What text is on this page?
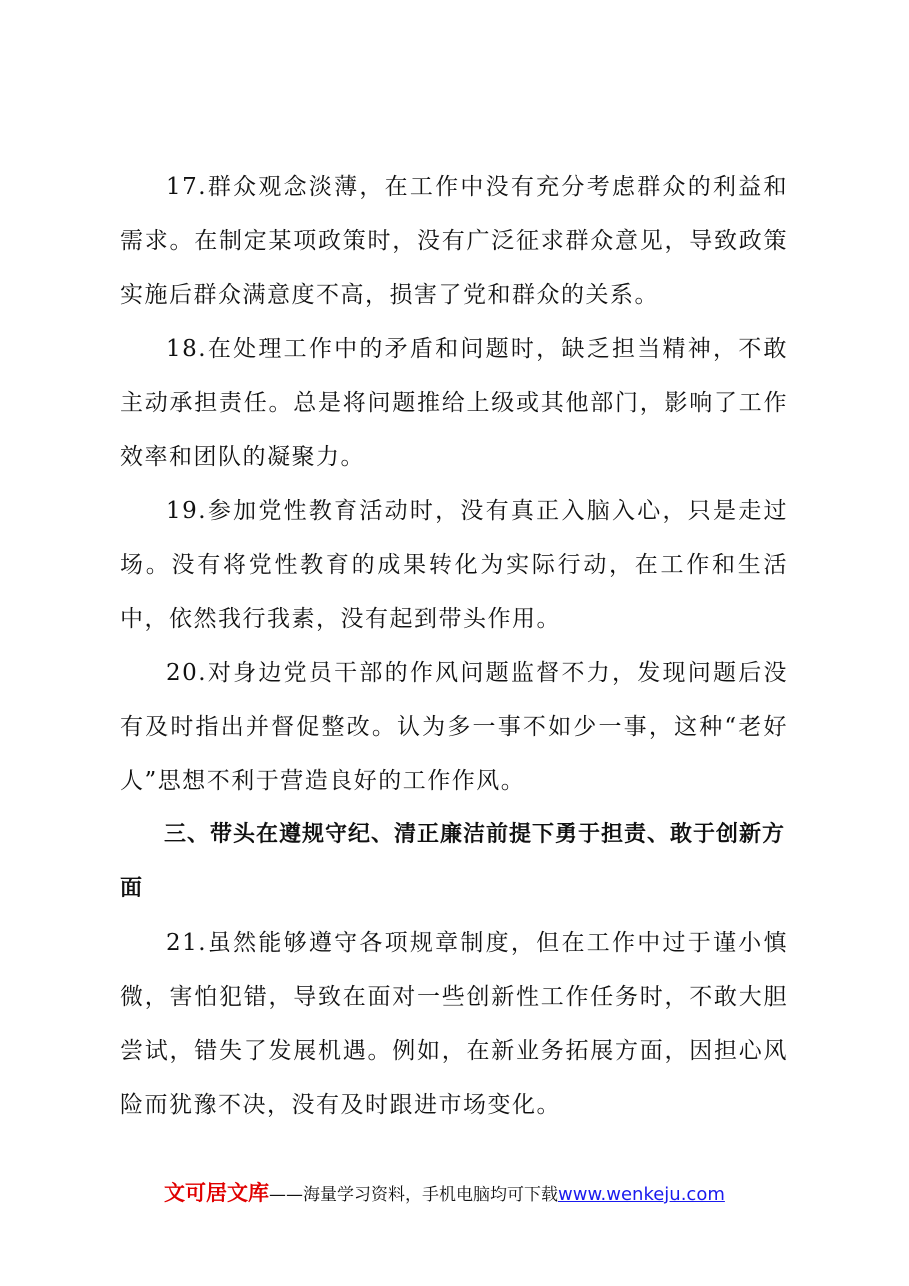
17.群众观念淡薄，在工作中没有充分考虑群众的利益和需求。在制定某项政策时，没有广泛征求群众意见，导致政策实施后群众满意度不高，损害了党和群众的关系。

18.在处理工作中的矛盾和问题时，缺乏担当精神，不敢主动承担责任。总是将问题推给上级或其他部门，影响了工作效率和团队的凝聚力。

19.参加党性教育活动时，没有真正入脑入心，只是走过场。没有将党性教育的成果转化为实际行动，在工作和生活中，依然我行我素，没有起到带头作用。

20.对身边党员干部的作风问题监督不力，发现问题后没有及时指出并督促整改。认为多一事不如少一事，这种“老好人”思想不利于营造良好的工作作风。

三、带头在遵规守纪、清正廉洁前提下勇于担责、敢于创新方面

21.虽然能够遵守各项规章制度，但在工作中过于谨小慎微，害怕犯错，导致在面对一些创新性工作任务时，不敢大胆尝试，错失了发展机遇。例如，在新业务拓展方面，因担心风险而犹豫不决，没有及时跟进市场变化。

文可居文库——海量学习资料，手机电脑均可下载www.wenkeju.com
